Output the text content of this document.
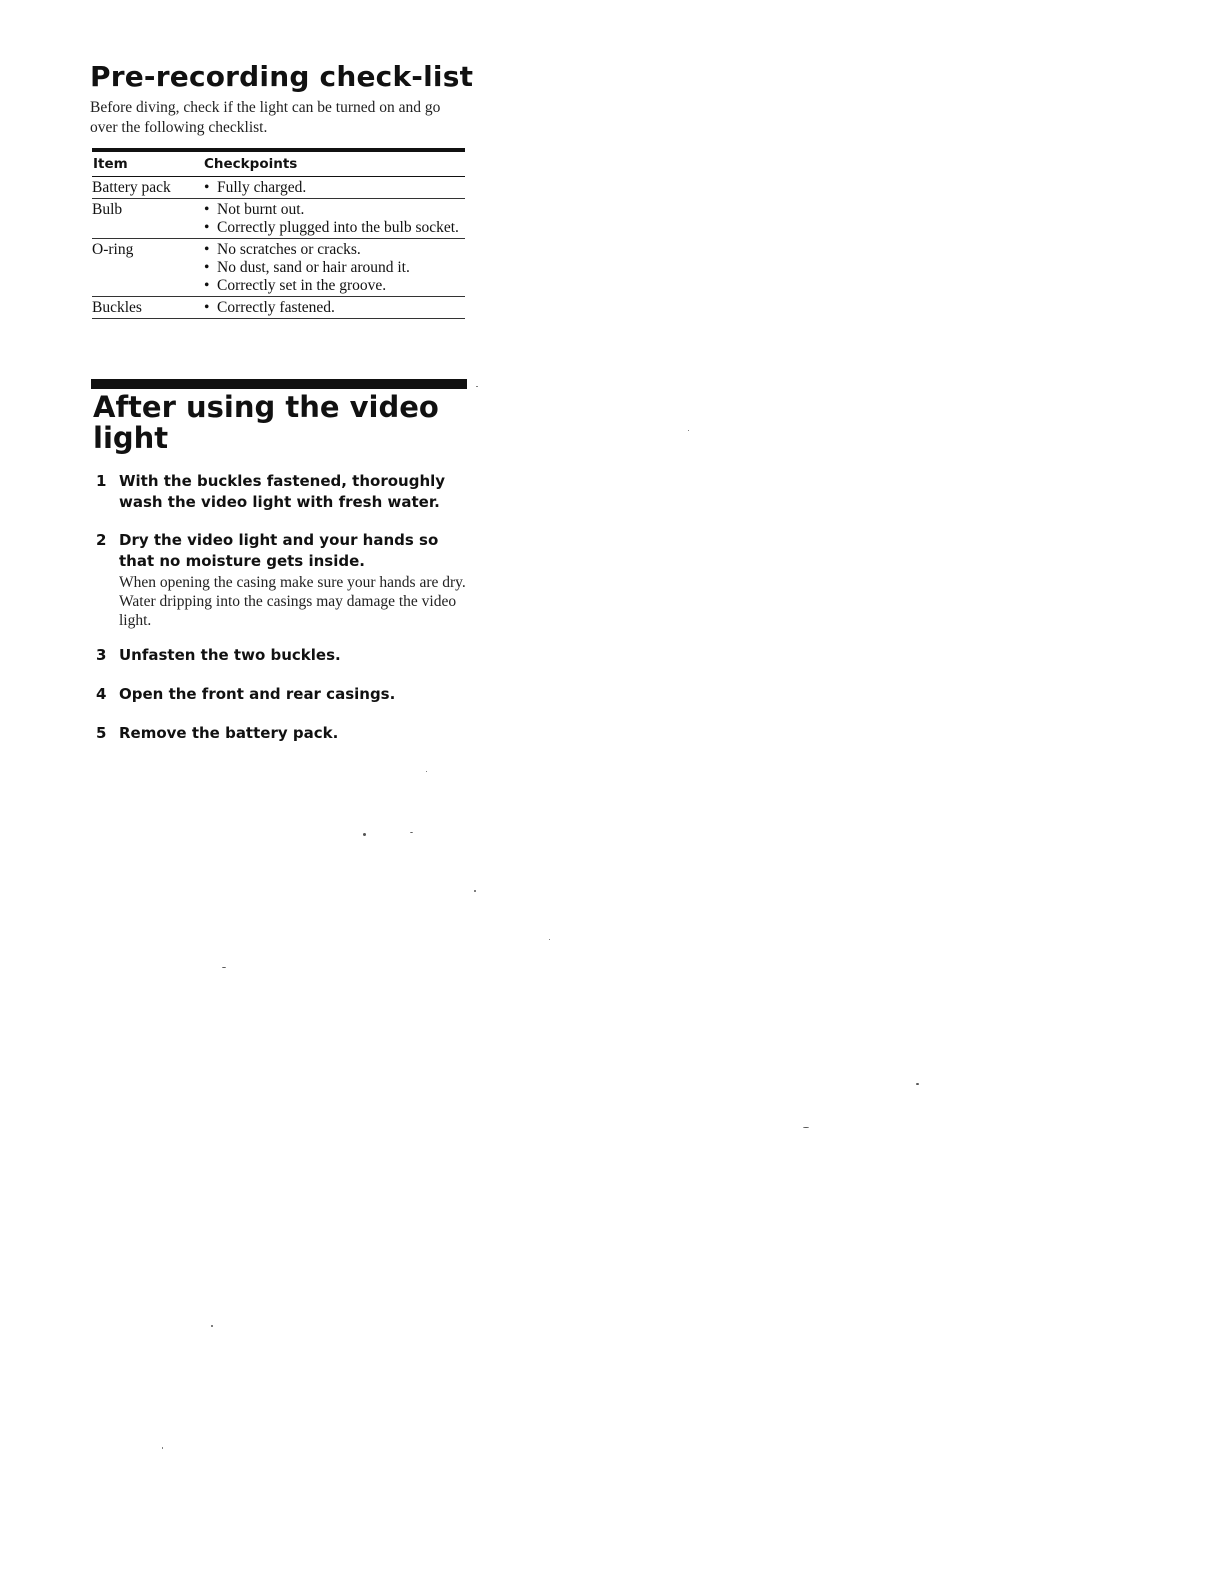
Pre-recording check-list

Before diving, check if the light can be turned on and go over the following checklist.

Item	Checkpoints
Battery pack	• Fully charged.
Bulb	• Not burnt out.
• Correctly plugged into the bulb socket.
O-ring	• No scratches or cracks.
• No dust, sand or hair around it.
• Correctly set in the groove.
Buckles	• Correctly fastened.
After using the video light
1 With the buckles fastened, thoroughly wash the video light with fresh water.
2 Dry the video light and your hands so that no moisture gets inside.
When opening the casing make sure your hands are dry. Water dripping into the casings may damage the video light.
3 Unfasten the two buckles.
4 Open the front and rear casings.
5 Remove the battery pack.
